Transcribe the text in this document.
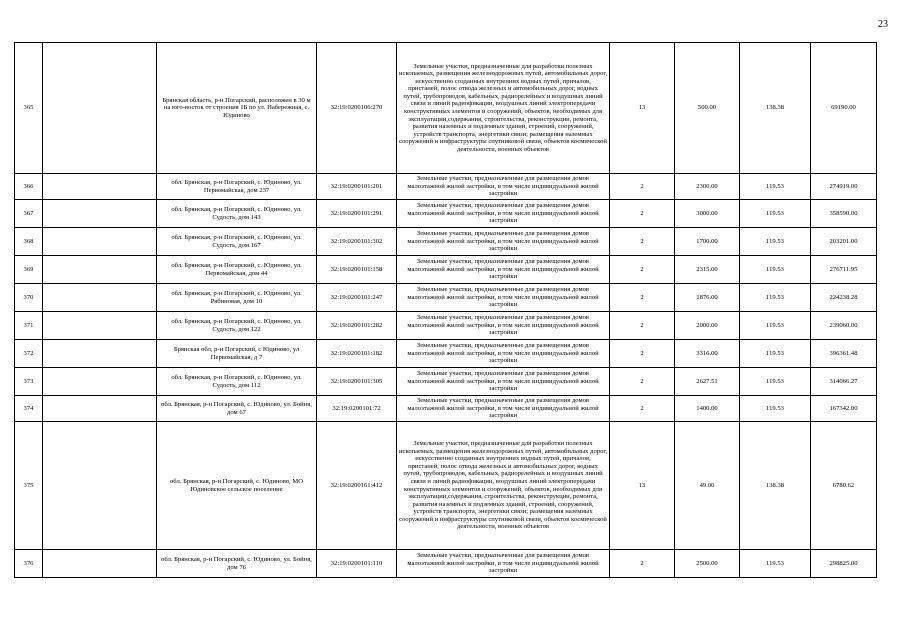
23
365		Брянская область, р-н Погарский, расположен в 30 м на юго-восток от строения 1Б по ул. Набережная, с. Юдиново	32:19:0200106:270	Земельные участки, предназначенные для разработки полезных ископаемых, размещения железнодорожных путей, автомобильных дорог, искусственно созданных внутренних водных путей, причалов, пристаней, полос отвода железных и автомобильных дорог, водных путей, трубопроводов, кабельных, радиорелейных и воздушных линий связи и линий радиофикации, воздушных линий электропередачи конструктивных элементов и сооружений, объектов, необходимых для эксплуатации,содержания, строительства, реконструкции, ремонта, развития наземных и подземных зданий, строений, сооружений, устройств транспорта, энергетики связи; размещения наземных сооружений и инфраструктуры спутниковой связи, объектов космической деятельности, военных объектов	13	500.00	138.38	69190.00
366		обл. Брянская, р-н Погарский, с. Юдиново, ул. Первомайская, дом 237	32:19:0200101:201	Земельные участки, предназначенные для размещения домов малоэтажной жилой застройки, в том числе индивидуальной жилой застройки	2	2300.00	119.53	274919.00
367		обл. Брянская, р-н Погарский, с. Юдиново, ул. Судость, дом 143	32:19:0200101:291	Земельные участки, предназначенные для размещения домов малоэтажной жилой застройки, в том числе индивидуальной жилой застройки	2	3000.00	119.53	358590.00
368		обл. Брянская, р-н Погарский, с. Юдиново, ул. Судость, дом 167	32:19:0200101:302	Земельные участки, предназначенные для размещения домов малоэтажной жилой застройки, в том числе индивидуальной жилой застройки	2	1700.00	119.53	203201.00
369		обл. Брянская, р-н Погарский, с. Юдиново, ул. Первомайская, дом 44	32:19:0200101:158	Земельные участки, предназначенные для размещения домов малоэтажной жилой застройки, в том числе индивидуальной жилой застройки	2	2315.00	119.53	276711.95
370		обл. Брянская, р-н Погарский, с. Юдиново, ул. Рябиновая, дом 10	32:19:0200101:247	Земельные участки, предназначенные для размещения домов малоэтажной жилой застройки, в том числе индивидуальной жилой застройки	2	1876.00	119.53	224238.28
371		обл. Брянская, р-н Погарский, с. Юдиново, ул. Судость, дом 122	32:19:0200101:282	Земельные участки, предназначенные для размещения домов малоэтажной жилой застройки, в том числе индивидуальной жилой застройки	2	2000.00	119.53	239060.00
372		Брянская обл, р-н Погарский, с Юдиново, ул Первомайская, д 7	32:19:0200101:182	Земельные участки, предназначенные для размещения домов малоэтажной жилой застройки, в том числе индивидуальной жилой застройки	2	3316.00	119.53	396361.48
373		обл. Брянская, р-н Погарский, с. Юдиново, ул. Судость, дом 112	32:19:0200101:305	Земельные участки, предназначенные для размещения домов малоэтажной жилой застройки, в том числе индивидуальной жилой застройки	2	2627.51	119.53	314066.27
374		обл. Брянская, р-н Погарский, с. Юдиново, ул. Бойня, дом 67	32:19:0200101:72	Земельные участки, предназначенные для размещения домов малоэтажной жилой застройки, в том числе индивидуальной жилой застройки	2	1400.00	119.53	167342.00
375		обл. Брянская, р-н Погарский, с. Юдиново, МО Юдиновское сельское поселение	32:19:0200161:412	Земельные участки, предназначенные для разработки полезных ископаемых, размещения железнодорожных путей, автомобильных дорог, искусственно созданных внутренних водных путей, причалов, пристаней, полос отвода железных и автомобильных дорог, водных путей, трубопроводов, кабельных, радиорелейных и воздушных линий связи и линий радиофикации, воздушных линий электропередачи конструктивных элементов и сооружений, объектов, необходимых для эксплуатации,содержания, строительства, реконструкции, ремонта, развития наземных и подземных зданий, строений, сооружений, устройств транспорта, энергетики связи; размещения наземных сооружений и инфраструктуры спутниковой связи, объектов космической деятельности, военных объектов	13	49.00	138.38	6780.62
376		обл. Брянская, р-н Погарский, с. Юдиново, ул. Бойня, дом 76	32:19:0200101:110	Земельные участки, предназначенные для размещения домов малоэтажной жилой застройки, в том числе индивидуальной жилой застройки	2	2500.00	119.53	298825.00
